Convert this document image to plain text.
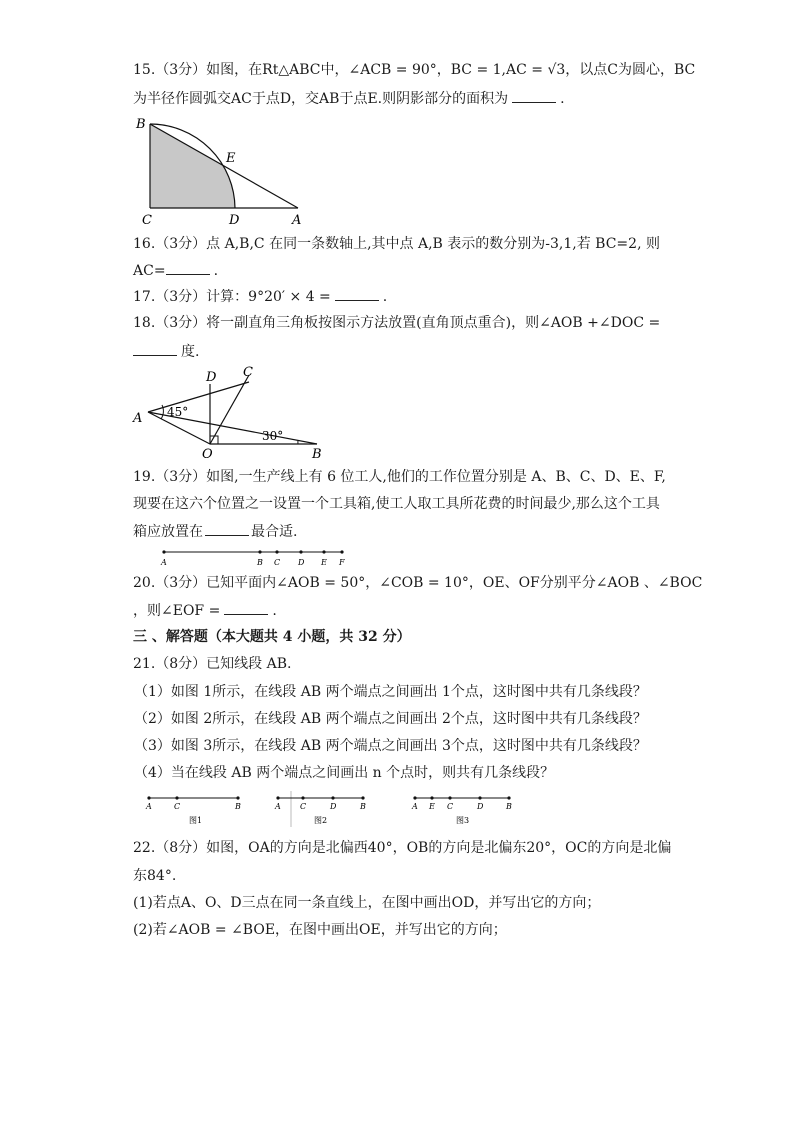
15.（3分）如图，在Rt△ABC中，∠ACB = 90°，BC = 1,AC = √3，以点C为圆心，BC
为半径作圆弧交AC于点D，交AB于点E.则阴影部分的面积为	.
B
E
C	D	A
16.（3分）点 A,B,C 在同一条数轴上,其中点 A,B 表示的数分别为-3,1,若 BC=2, 则
AC=	.
17.（3分）计算：9°20′ × 4 =	.
18.（3分）将一副直角三角板按图示方法放置(直角顶点重合)，则∠AOB +∠DOC =
度.
A
D C
O	B
45°
30°
19.（3分）如图,一生产线上有 6 位工人,他们的工作位置分别是 A、B、C、D、E、F,
现要在这六个位置之一设置一个工具箱,使工人取工具所花费的时间最少,那么这个工具
箱应放置在	最合适.
A	B C D E F
20.（3分）已知平面内∠AOB = 50°，∠COB = 10°，OE、OF分别平分∠AOB 、∠BOC
，则∠EOF =	.
三 、解答题（本大题共 4 小题，共 32 分）
21.（8分）已知线段 AB.
（1）如图 1所示，在线段 AB 两个端点之间画出 1个点，这时图中共有几条线段？
（2）如图 2所示，在线段 AB 两个端点之间画出 2个点，这时图中共有几条线段？
（3）如图 3所示，在线段 AB 两个端点之间画出 3个点，这时图中共有几条线段？
（4）当在线段 AB 两个端点之间画出 n 个点时，则共有几条线段？
A	C	B
图1
A C	D	B
图2
A E C	D	B
图3
22.（8分）如图，OA的方向是北偏西40°，OB的方向是北偏东20°，OC的方向是北偏
东84°.
(1)若点A、O、D三点在同一条直线上，在图中画出OD，并写出它的方向；
(2)若∠AOB = ∠BOE，在图中画出OE，并写出它的方向；
